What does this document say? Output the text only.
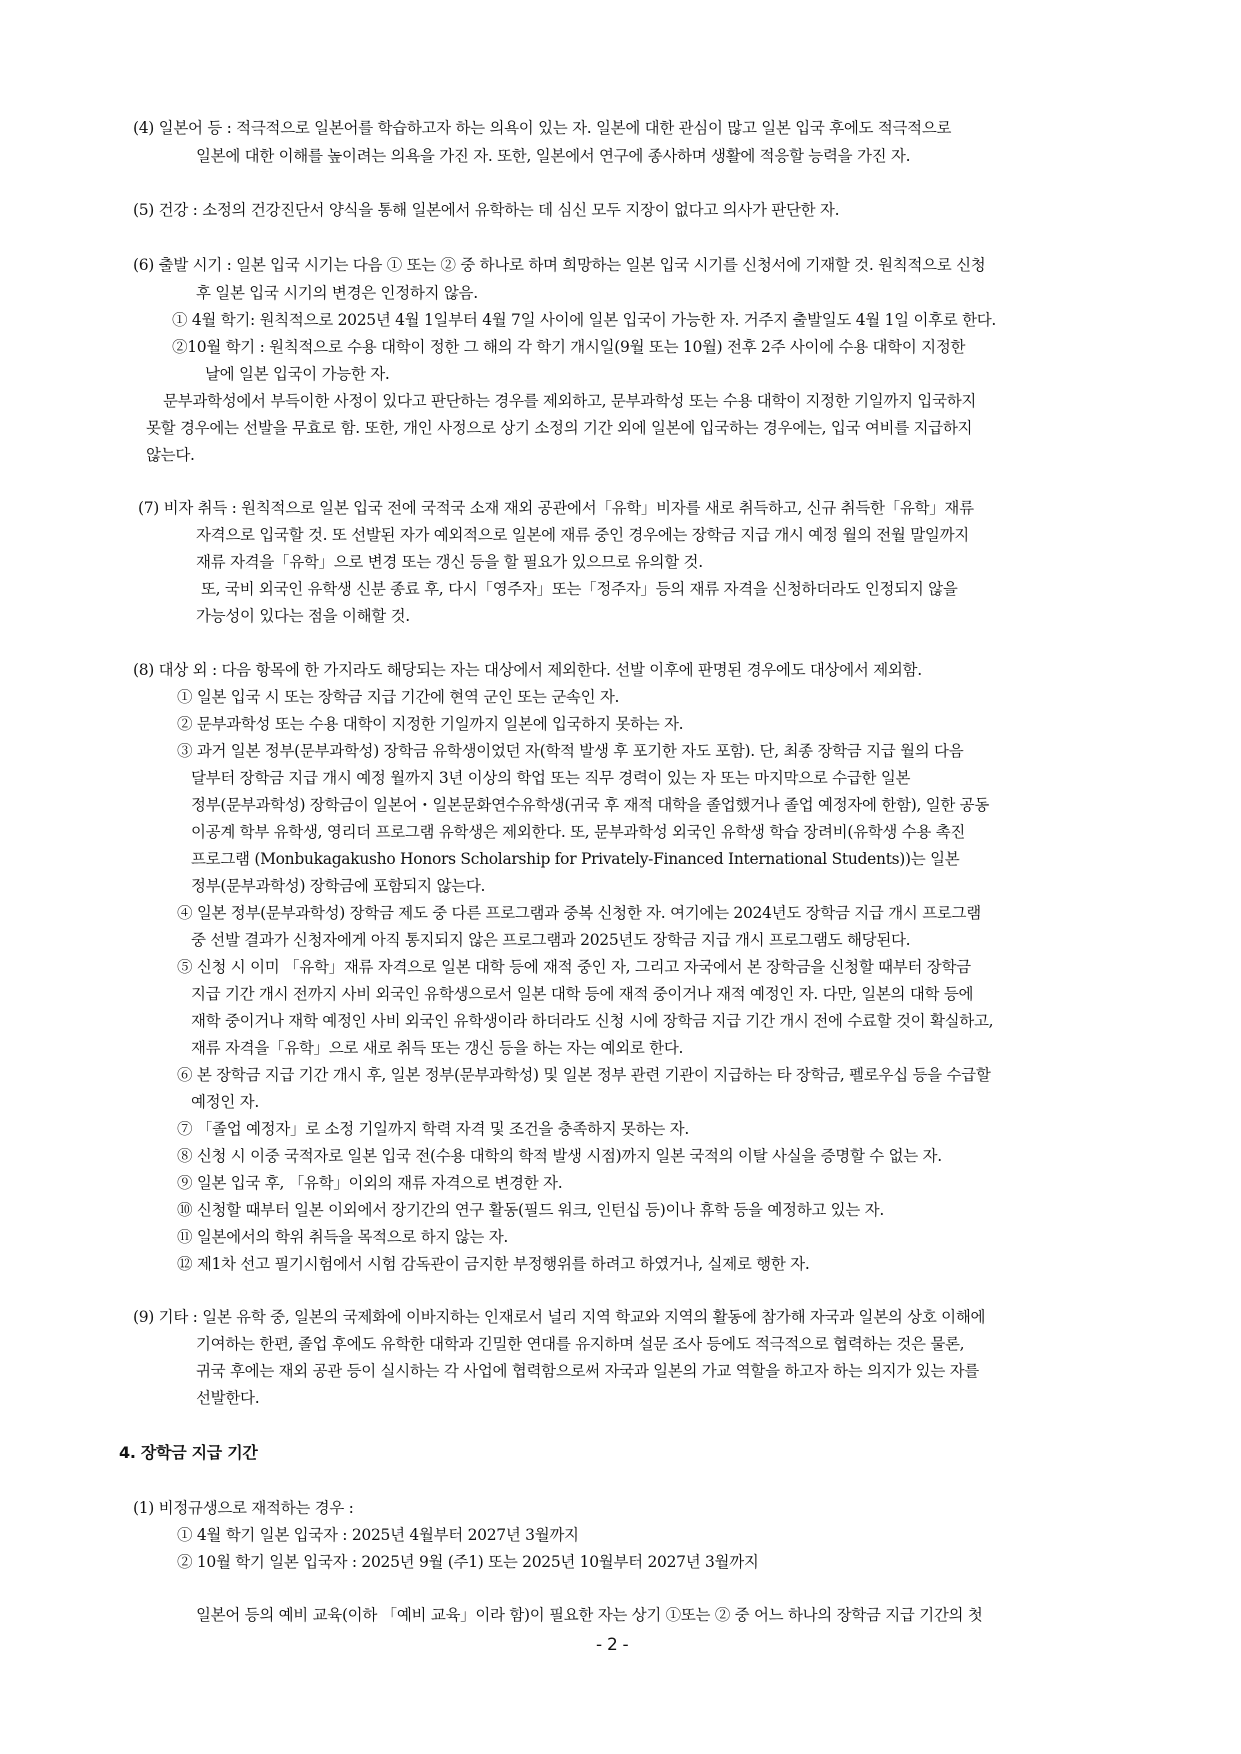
(4) 일본어 등 : 적극적으로 일본어를 학습하고자 하는 의욕이 있는 자. 일본에 대한 관심이 많고 일본 입국 후에도 적극적으로
일본에 대한 이해를 높이려는 의욕을 가진 자. 또한, 일본에서 연구에 종사하며 생활에 적응할 능력을 가진 자.
(5) 건강 : 소정의 건강진단서 양식을 통해 일본에서 유학하는 데 심신 모두 지장이 없다고 의사가 판단한 자.
(6) 출발 시기 : 일본 입국 시기는 다음 ① 또는 ② 중 하나로 하며 희망하는 일본 입국 시기를 신청서에 기재할 것. 원칙적으로 신청
후 일본 입국 시기의 변경은 인정하지 않음.
① 4월 학기: 원칙적으로 2025년 4월 1일부터 4월 7일 사이에 일본 입국이 가능한 자. 거주지 출발일도 4월 1일 이후로 한다.
②10월 학기 : 원칙적으로 수용 대학이 정한 그 해의 각 학기 개시일(9월 또는 10월) 전후 2주 사이에 수용 대학이 지정한
날에 일본 입국이 가능한 자.
문부과학성에서 부득이한 사정이 있다고 판단하는 경우를 제외하고, 문부과학성 또는 수용 대학이 지정한 기일까지 입국하지
못할 경우에는 선발을 무효로 함. 또한, 개인 사정으로 상기 소정의 기간 외에 일본에 입국하는 경우에는, 입국 여비를 지급하지
않는다.
(7) 비자 취득 : 원칙적으로 일본 입국 전에 국적국 소재 재외 공관에서「유학」비자를 새로 취득하고, 신규 취득한「유학」재류
자격으로 입국할 것. 또 선발된 자가 예외적으로 일본에 재류 중인 경우에는 장학금 지급 개시 예정 월의 전월 말일까지
재류 자격을「유학」으로 변경 또는 갱신 등을 할 필요가 있으므로 유의할 것.
또, 국비 외국인 유학생 신분 종료 후, 다시「영주자」또는「정주자」등의 재류 자격을 신청하더라도 인정되지 않을
가능성이 있다는 점을 이해할 것.
(8) 대상 외 : 다음 항목에 한 가지라도 해당되는 자는 대상에서 제외한다. 선발 이후에 판명된 경우에도 대상에서 제외함.
① 일본 입국 시 또는 장학금 지급 기간에 현역 군인 또는 군속인 자.
② 문부과학성 또는 수용 대학이 지정한 기일까지 일본에 입국하지 못하는 자.
③ 과거 일본 정부(문부과학성) 장학금 유학생이었던 자(학적 발생 후 포기한 자도 포함). 단, 최종 장학금 지급 월의 다음
달부터 장학금 지급 개시 예정 월까지 3년 이상의 학업 또는 직무 경력이 있는 자 또는 마지막으로 수급한 일본
정부(문부과학성) 장학금이 일본어・일본문화연수유학생(귀국 후 재적 대학을 졸업했거나 졸업 예정자에 한함), 일한 공동
이공계 학부 유학생, 영리더 프로그램 유학생은 제외한다. 또, 문부과학성 외국인 유학생 학습 장려비(유학생 수용 촉진
프로그램 (Monbukagakusho Honors Scholarship for Privately-Financed International Students))는 일본
정부(문부과학성) 장학금에 포함되지 않는다.
④ 일본 정부(문부과학성) 장학금 제도 중 다른 프로그램과 중복 신청한 자. 여기에는 2024년도 장학금 지급 개시 프로그램
중 선발 결과가 신청자에게 아직 통지되지 않은 프로그램과 2025년도 장학금 지급 개시 프로그램도 해당된다.
⑤ 신청 시 이미 「유학」재류 자격으로 일본 대학 등에 재적 중인 자, 그리고 자국에서 본 장학금을 신청할 때부터 장학금
지급 기간 개시 전까지 사비 외국인 유학생으로서 일본 대학 등에 재적 중이거나 재적 예정인 자. 다만, 일본의 대학 등에
재학 중이거나 재학 예정인 사비 외국인 유학생이라 하더라도 신청 시에 장학금 지급 기간 개시 전에 수료할 것이 확실하고,
재류 자격을「유학」으로 새로 취득 또는 갱신 등을 하는 자는 예외로 한다.
⑥ 본 장학금 지급 기간 개시 후, 일본 정부(문부과학성) 및 일본 정부 관련 기관이 지급하는 타 장학금, 펠로우십 등을 수급할
예정인 자.
⑦ 「졸업 예정자」로 소정 기일까지 학력 자격 및 조건을 충족하지 못하는 자.
⑧ 신청 시 이중 국적자로 일본 입국 전(수용 대학의 학적 발생 시점)까지 일본 국적의 이탈 사실을 증명할 수 없는 자.
⑨ 일본 입국 후, 「유학」이외의 재류 자격으로 변경한 자.
⑩ 신청할 때부터 일본 이외에서 장기간의 연구 활동(필드 워크, 인턴십 등)이나 휴학 등을 예정하고 있는 자.
⑪ 일본에서의 학위 취득을 목적으로 하지 않는 자.
⑫ 제1차 선고 필기시험에서 시험 감독관이 금지한 부정행위를 하려고 하였거나, 실제로 행한 자.
(9) 기타 : 일본 유학 중, 일본의 국제화에 이바지하는 인재로서 널리 지역 학교와 지역의 활동에 참가해 자국과 일본의 상호 이해에
기여하는 한편, 졸업 후에도 유학한 대학과 긴밀한 연대를 유지하며 설문 조사 등에도 적극적으로 협력하는 것은 물론,
귀국 후에는 재외 공관 등이 실시하는 각 사업에 협력함으로써 자국과 일본의 가교 역할을 하고자 하는 의지가 있는 자를
선발한다.
4. 장학금 지급 기간
(1) 비정규생으로 재적하는 경우 :
① 4월 학기 일본 입국자 : 2025년 4월부터 2027년 3월까지
② 10월 학기 일본 입국자 : 2025년 9월 (주1) 또는 2025년 10월부터 2027년 3월까지
일본어 등의 예비 교육(이하 「예비 교육」이라 함)이 필요한 자는 상기 ①또는 ② 중 어느 하나의 장학금 지급 기간의 첫
- 2 -
